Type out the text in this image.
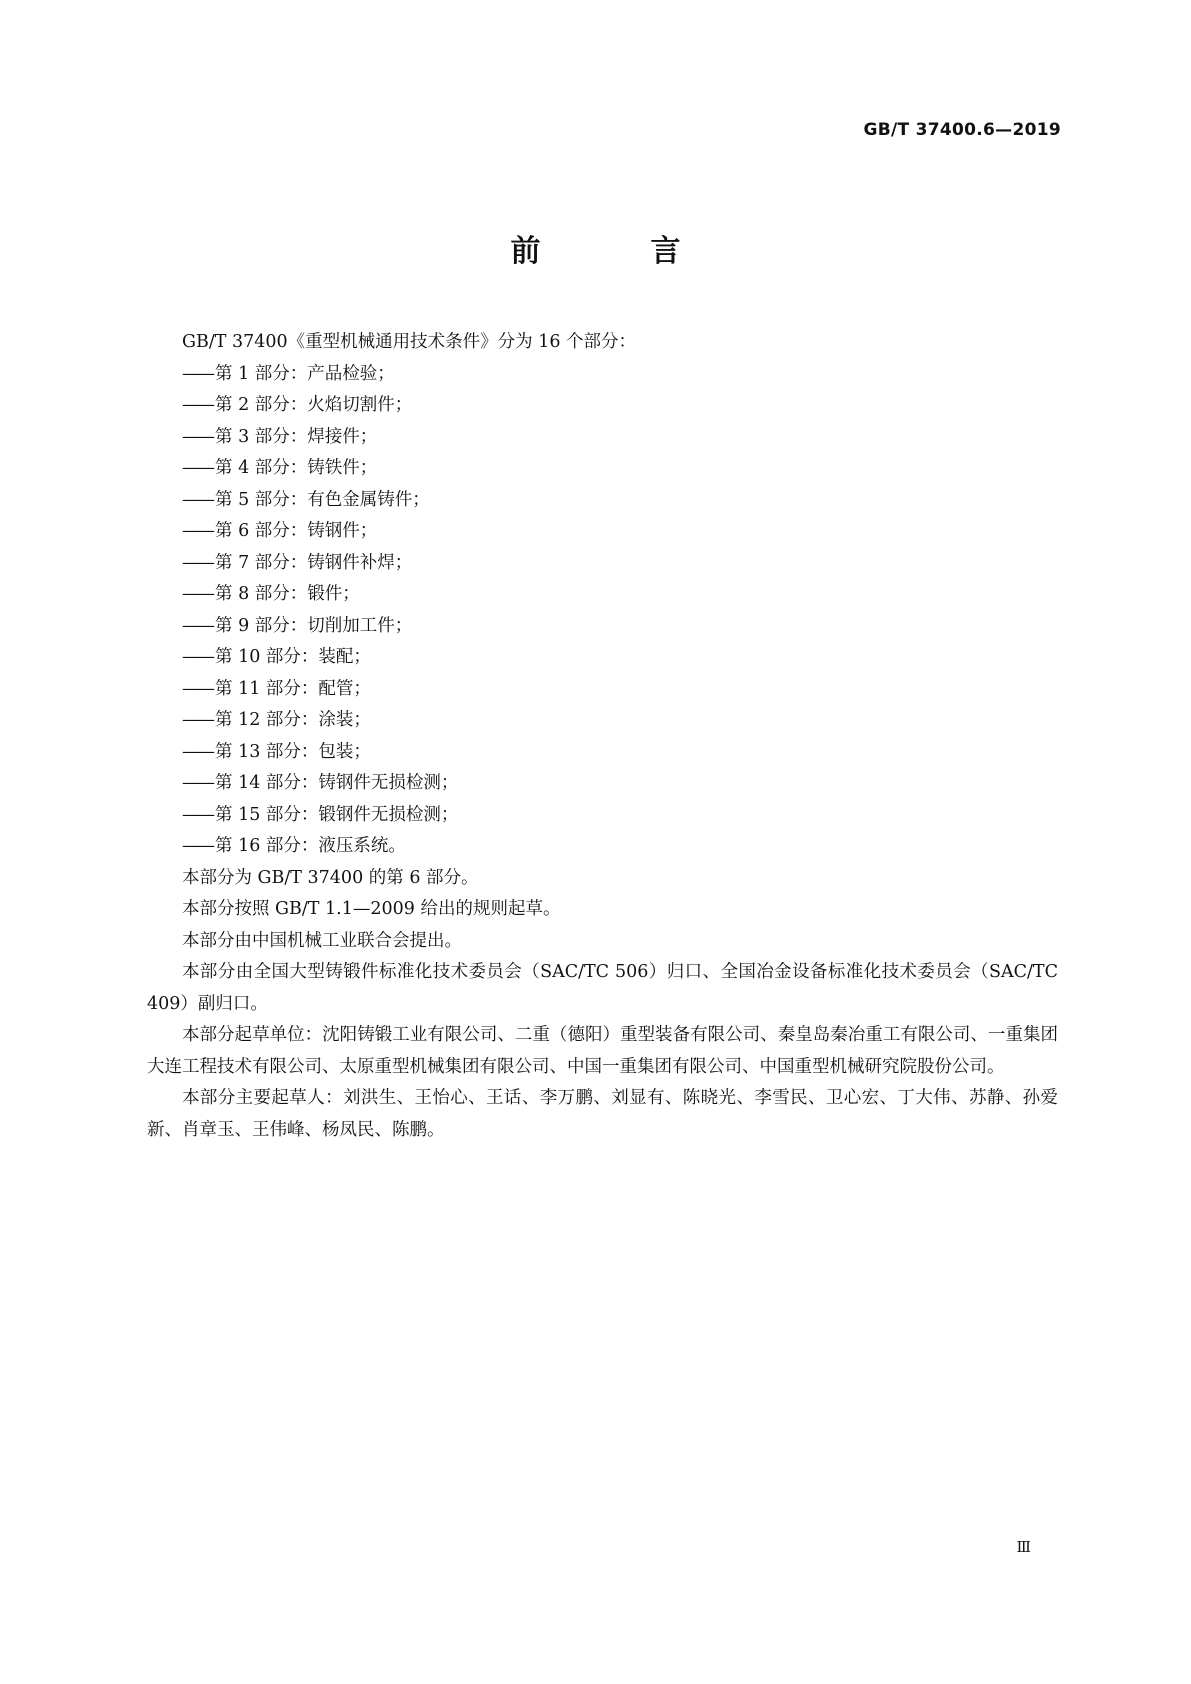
GB/T 37400.6—2019
前　言

GB/T 37400《重型机械通用技术条件》分为 16 个部分：

—— 第 1 部分：产品检验；
—— 第 2 部分：火焰切割件；
—— 第 3 部分：焊接件；
—— 第 4 部分：铸铁件；
—— 第 5 部分：有色金属铸件；
—— 第 6 部分：铸钢件；
—— 第 7 部分：铸钢件补焊；
—— 第 8 部分：锻件；
—— 第 9 部分：切削加工件；
—— 第 10 部分：装配；
—— 第 11 部分：配管；
—— 第 12 部分：涂装；
—— 第 13 部分：包装；
—— 第 14 部分：铸钢件无损检测；
—— 第 15 部分：锻钢件无损检测；
—— 第 16 部分：液压系统。

本部分为 GB/T 37400 的第 6 部分。

本部分按照 GB/T 1.1—2009 给出的规则起草。

本部分由中国机械工业联合会提出。

本部分由全国大型铸锻件标准化技术委员会（SAC/TC 506）归口、全国冶金设备标准化技术委员会（SAC/TC 409）副归口。

本部分起草单位：沈阳铸锻工业有限公司、二重（德阳）重型装备有限公司、秦皇岛秦冶重工有限公司、一重集团大连工程技术有限公司、太原重型机械集团有限公司、中国一重集团有限公司、中国重型机械研究院股份公司。

本部分主要起草人：刘洪生、王怡心、王话、李万鹏、刘显有、陈晓光、李雪民、卫心宏、丁大伟、苏静、孙爱新、肖章玉、王伟峰、杨凤民、陈鹏。

Ⅲ
